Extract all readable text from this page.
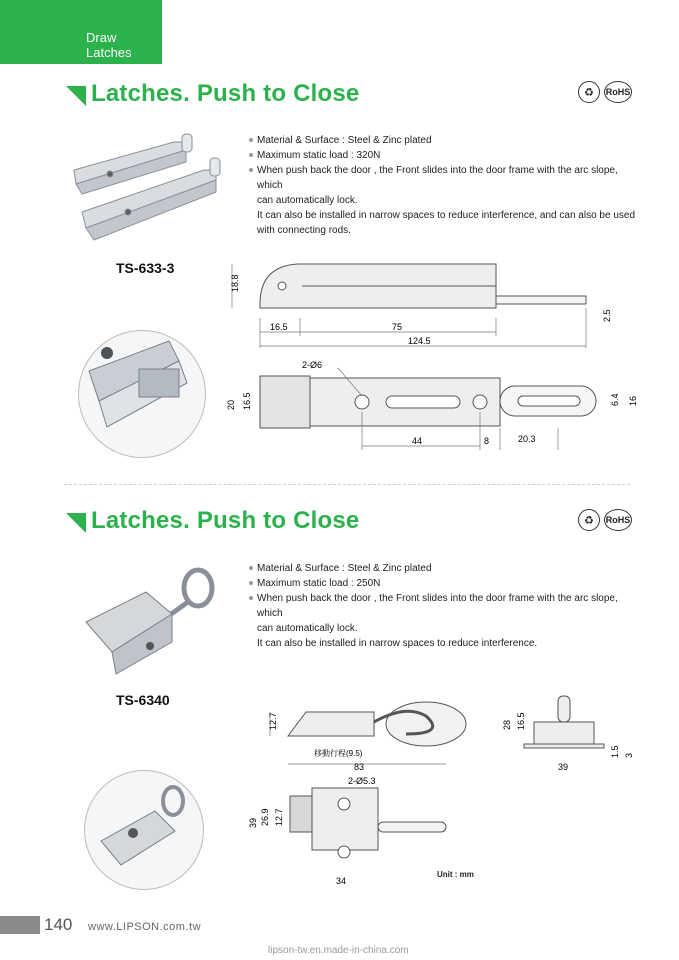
Draw Latches
Latches. Push to Close	♻	RoHS
TS-633-3
Material & Surface : Steel & Zinc plated
Maximum static load : 320N
When push back the door , the Front slides into the door frame with the arc slope, which
can automatically lock.
It can also be installed in narrow spaces to reduce interference, and can also be used
with connecting rods.
18.8
16.5	75
124.5
2.5
2-Ø6
20 16.5
44	8	20.3
6.4 16
Latches. Push to Close	♻	RoHS
TS-6340
Material & Surface : Steel & Zinc plated
Maximum static load : 250N
When push back the door , the Front slides into the door frame with the arc slope, which
can automatically lock.
It can also be installed in narrow spaces to reduce interference.
12.7
移動行程(9.5)
83
28 16.5
39
1.5 3
2-Ø5.3
39 26.9 12.7
34
Unit : mm
140 www.LIPSON.com.tw
lipson-tw.en.made-in-china.com
